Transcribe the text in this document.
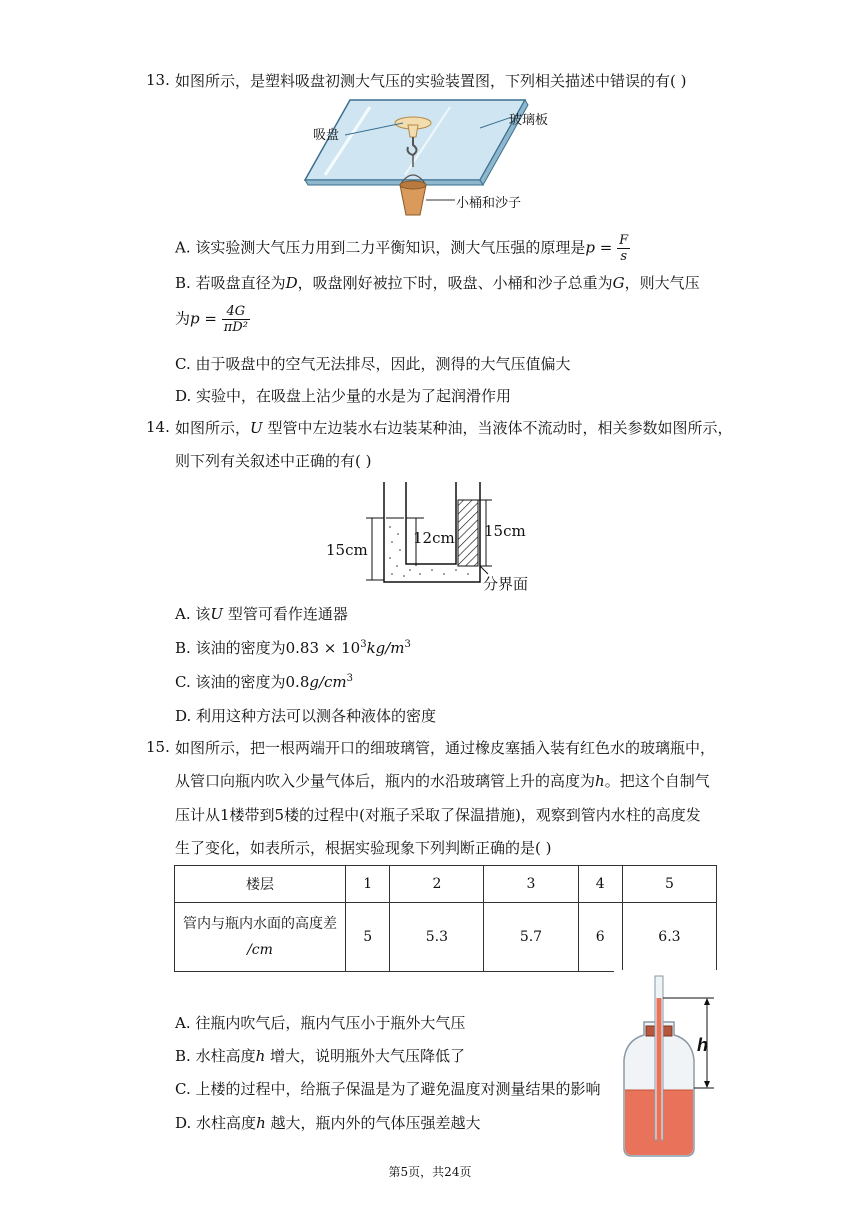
13. 如图所示，是塑料吸盘初测大气压的实验装置图，下列相关描述中错误的有( )
吸盘
玻璃板
小桶和沙子
A. 该实验测大气压力用到二力平衡知识，测大气压强的原理是$p = \frac{F}{s}$
B. 若吸盘直径为D，吸盘刚好被拉下时，吸盘、小桶和沙子总重为G，则大气压
为$p = \frac{4G}{\text{πD²}}$
C. 由于吸盘中的空气无法排尽，因此，测得的大气压值偏大
D. 实验中，在吸盘上沾少量的水是为了起润滑作用
14. 如图所示，U 型管中左边装水右边装某种油，当液体不流动时，相关参数如图所示，
则下列有关叙述中正确的有( )
15cm
12cm 15cm
分界面
A. 该U 型管可看作连通器
B. 该油的密度为$0.83 \times 10^3kg/m^3$
C. 该油的密度为$0.8g/cm^3$
D. 利用这种方法可以测各种液体的密度
15. 如图所示，把一根两端开口的细玻璃管，通过橡皮塞插入装有红色水的玻璃瓶中，
从管口向瓶内吹入少量气体后，瓶内的水沿玻璃管上升的高度为h。把这个自制气
压计从1楼带到5楼的过程中(对瓶子采取了保温措施)，观察到管内水柱的高度发
生了变化，如表所示，根据实验现象下列判断正确的是( )
楼层	1	2	3	4	5

管内与瓶内水面的高度差
/cm	5	5.3	5.7	6	6.3
h
A. 往瓶内吹气后，瓶内气压小于瓶外大气压
B. 水柱高度h 增大，说明瓶外大气压降低了
C. 上楼的过程中，给瓶子保温是为了避免温度对测量结果的影响
D. 水柱高度h 越大，瓶内外的气体压强差越大
第5页，共24页
